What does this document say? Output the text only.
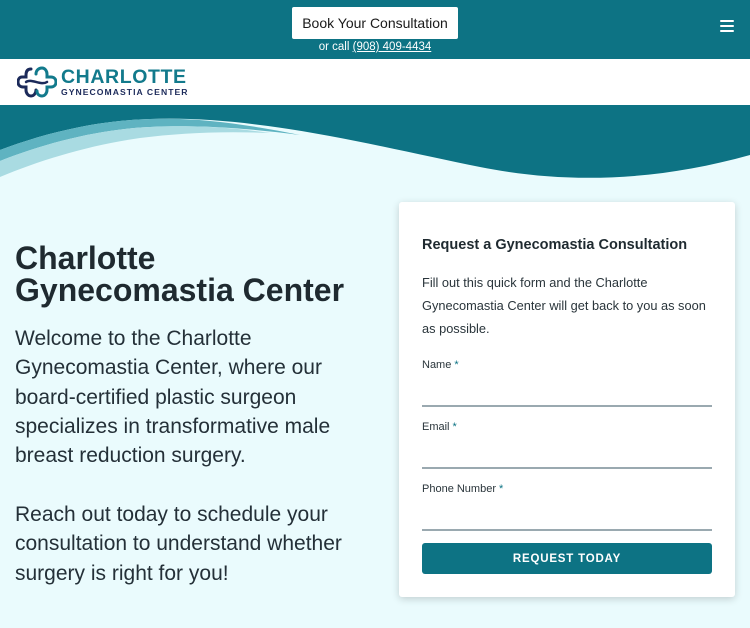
Book Your Consultation
or call (908) 409-4434
CHARLOTTE
GYNECOMASTIA CENTER
Charlotte
Gynecomastia Center

Welcome to the Charlotte Gynecomastia Center, where our board-certified plastic surgeon specializes in transformative male breast reduction surgery.

Reach out today to schedule your consultation to understand whether surgery is right for you!

Request a Gynecomastia Consultation

Fill out this quick form and the Charlotte Gynecomastia Center will get back to you as soon as possible.

Name *
Email *
Phone Number *
REQUEST TODAY
